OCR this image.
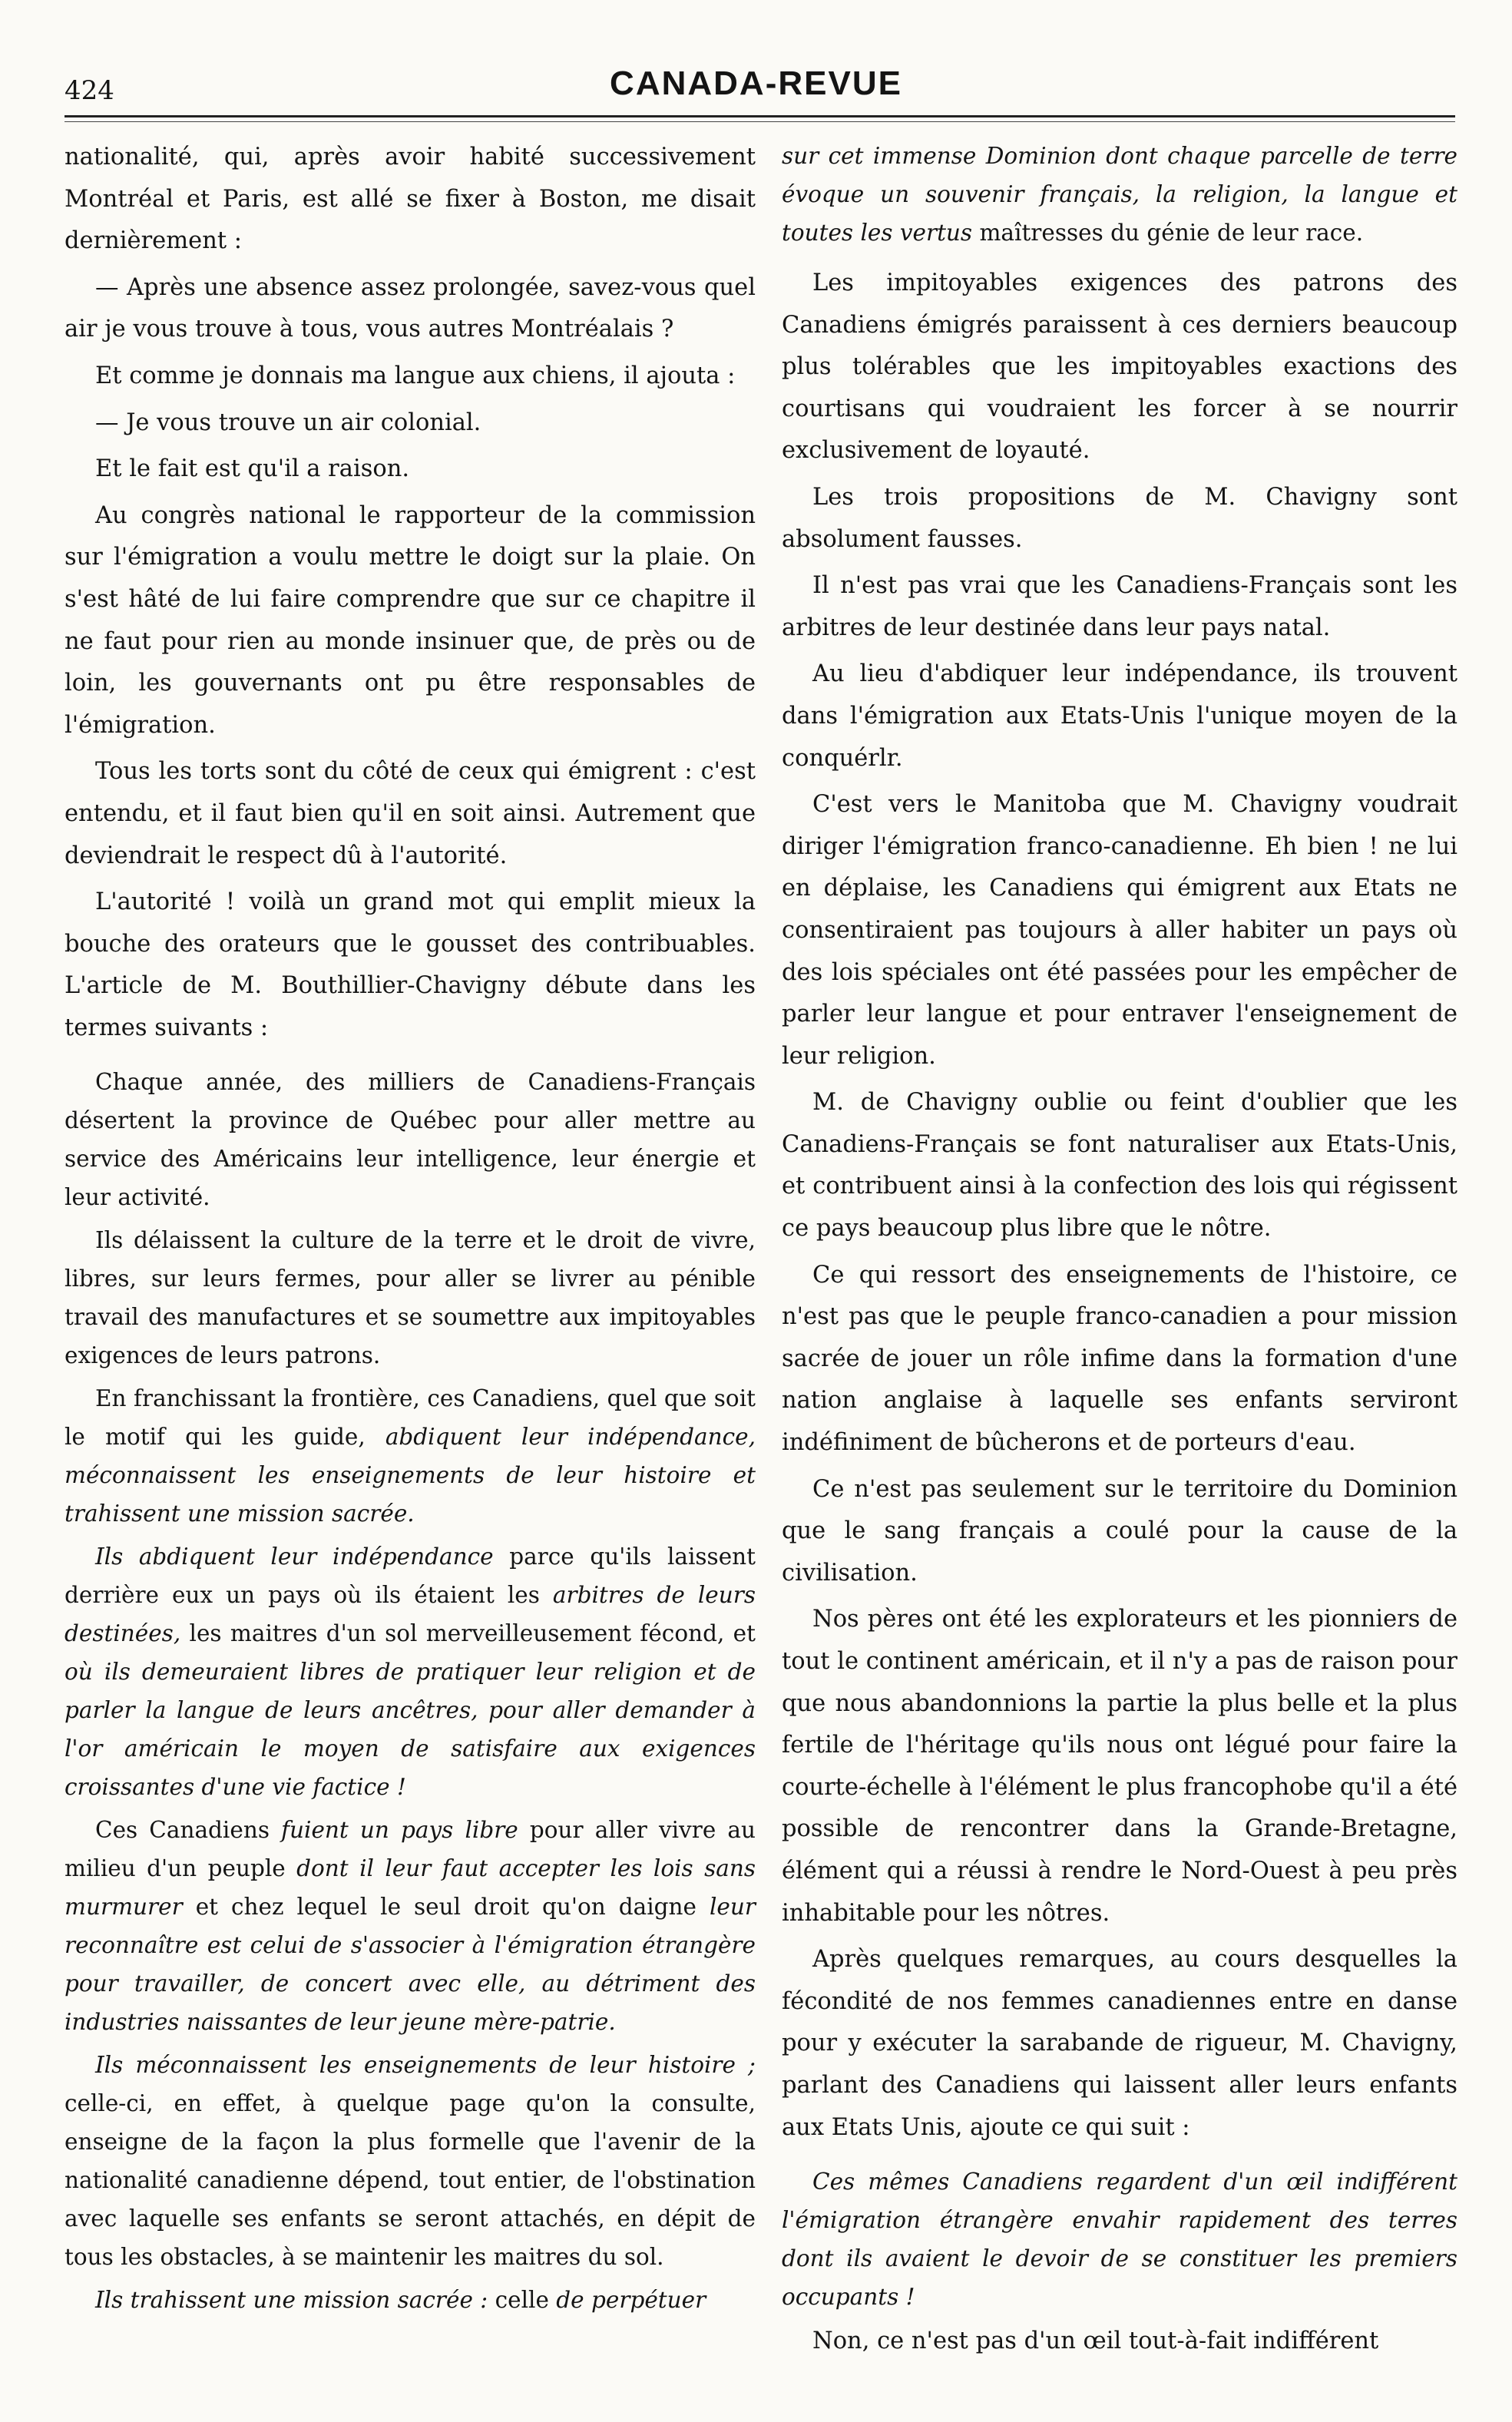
424	CANADA-REVUE

nationalité, qui, après avoir habité successivement Montréal et Paris, est allé se fixer à Boston, me disait dernièrement :

— Après une absence assez prolongée, savez-vous quel air je vous trouve à tous, vous autres Montréalais ?

Et comme je donnais ma langue aux chiens, il ajouta :

— Je vous trouve un air colonial.

Et le fait est qu'il a raison.

Au congrès national le rapporteur de la commission sur l'émigration a voulu mettre le doigt sur la plaie. On s'est hâté de lui faire comprendre que sur ce chapitre il ne faut pour rien au monde insinuer que, de près ou de loin, les gouvernants ont pu être responsables de l'émigration.

Tous les torts sont du côté de ceux qui émigrent : c'est entendu, et il faut bien qu'il en soit ainsi. Autrement que deviendrait le respect dû à l'autorité.

L'autorité ! voilà un grand mot qui emplit mieux la bouche des orateurs que le gousset des contribuables. L'article de M. Bouthillier-Chavigny débute dans les termes suivants :

Chaque année, des milliers de Canadiens-Français désertent la province de Québec pour aller mettre au service des Américains leur intelligence, leur énergie et leur activité.

Ils délaissent la culture de la terre et le droit de vivre, libres, sur leurs fermes, pour aller se livrer au pénible travail des manufactures et se soumettre aux impitoyables exigences de leurs patrons.

En franchissant la frontière, ces Canadiens, quel que soit le motif qui les guide, abdiquent leur indépendance, méconnaissent les enseignements de leur histoire et trahissent une mission sacrée.

Ils abdiquent leur indépendance parce qu'ils laissent derrière eux un pays où ils étaient les arbitres de leurs destinées, les maitres d'un sol merveilleusement fécond, et où ils demeuraient libres de pratiquer leur religion et de parler la langue de leurs ancêtres, pour aller demander à l'or américain le moyen de satisfaire aux exigences croissantes d'une vie factice !

Ces Canadiens fuient un pays libre pour aller vivre au milieu d'un peuple dont il leur faut accepter les lois sans murmurer et chez lequel le seul droit qu'on daigne leur reconnaître est celui de s'associer à l'émigration étrangère pour travailler, de concert avec elle, au détriment des industries naissantes de leur jeune mère-patrie.

Ils méconnaissent les enseignements de leur histoire ; celle-ci, en effet, à quelque page qu'on la consulte, enseigne de la façon la plus formelle que l'avenir de la nationalité canadienne dépend, tout entier, de l'obstination avec laquelle ses enfants se seront attachés, en dépit de tous les obstacles, à se maintenir les maitres du sol.

Ils trahissent une mission sacrée : celle de perpétuer

sur cet immense Dominion dont chaque parcelle de terre évoque un souvenir français, la religion, la langue et toutes les vertus maîtresses du génie de leur race.

Les impitoyables exigences des patrons des Canadiens émigrés paraissent à ces derniers beaucoup plus tolérables que les impitoyables exactions des courtisans qui voudraient les forcer à se nourrir exclusivement de loyauté.

Les trois propositions de M. Chavigny sont absolument fausses.

Il n'est pas vrai que les Canadiens-Français sont les arbitres de leur destinée dans leur pays natal.

Au lieu d'abdiquer leur indépendance, ils trouvent dans l'émigration aux Etats-Unis l'unique moyen de la conquérlr.

C'est vers le Manitoba que M. Chavigny voudrait diriger l'émigration franco-canadienne. Eh bien ! ne lui en déplaise, les Canadiens qui émigrent aux Etats ne consentiraient pas toujours à aller habiter un pays où des lois spéciales ont été passées pour les empêcher de parler leur langue et pour entraver l'enseignement de leur religion.

M. de Chavigny oublie ou feint d'oublier que les Canadiens-Français se font naturaliser aux Etats-Unis, et contribuent ainsi à la confection des lois qui régissent ce pays beaucoup plus libre que le nôtre.

Ce qui ressort des enseignements de l'histoire, ce n'est pas que le peuple franco-canadien a pour mission sacrée de jouer un rôle infime dans la formation d'une nation anglaise à laquelle ses enfants serviront indéfiniment de bûcherons et de porteurs d'eau.

Ce n'est pas seulement sur le territoire du Dominion que le sang français a coulé pour la cause de la civilisation.

Nos pères ont été les explorateurs et les pionniers de tout le continent américain, et il n'y a pas de raison pour que nous abandonnions la partie la plus belle et la plus fertile de l'héritage qu'ils nous ont légué pour faire la courte-échelle à l'élément le plus francophobe qu'il a été possible de rencontrer dans la Grande-Bretagne, élément qui a réussi à rendre le Nord-Ouest à peu près inhabitable pour les nôtres.

Après quelques remarques, au cours desquelles la fécondité de nos femmes canadiennes entre en danse pour y exécuter la sarabande de rigueur, M. Chavigny, parlant des Canadiens qui laissent aller leurs enfants aux Etats Unis, ajoute ce qui suit :

Ces mêmes Canadiens regardent d'un œil indifférent l'émigration étrangère envahir rapidement des terres dont ils avaient le devoir de se constituer les premiers occupants !

Non, ce n'est pas d'un œil tout-à-fait indifférent
